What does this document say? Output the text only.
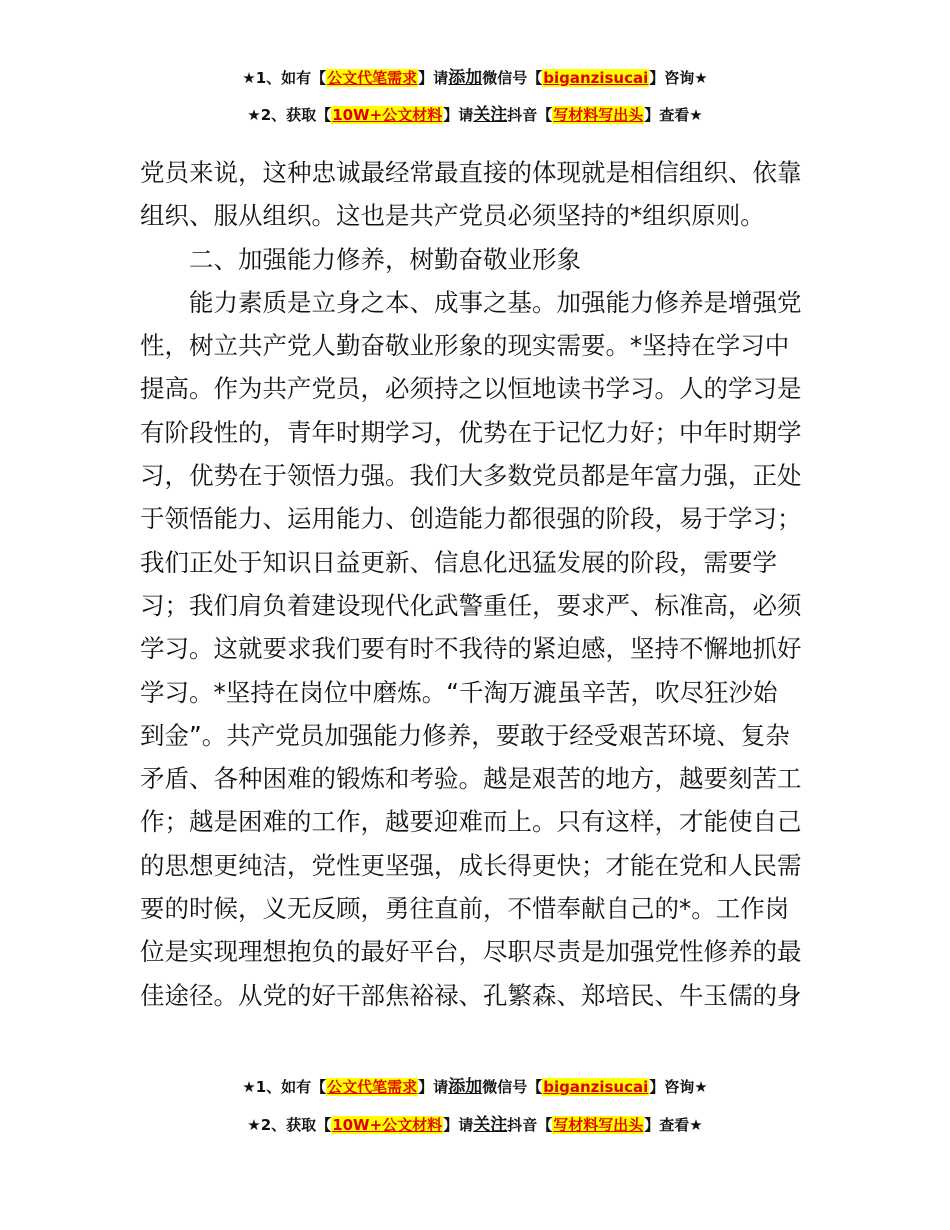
★1、如有【公文代笔需求】请添加微信号【biganzisucai】咨询★
★2、获取【10W+公文材料】请关注抖音【写材料写出头】查看★

党员来说，这种忠诚最经常最直接的体现就是相信组织、依靠
组织、服从组织。这也是共产党员必须坚持的*组织原则。

二、加强能力修养，树勤奋敬业形象

能力素质是立身之本、成事之基。加强能力修养是增强党
性，树立共产党人勤奋敬业形象的现实需要。*坚持在学习中
提高。作为共产党员，必须持之以恒地读书学习。人的学习是
有阶段性的，青年时期学习，优势在于记忆力好；中年时期学
习，优势在于领悟力强。我们大多数党员都是年富力强，正处
于领悟能力、运用能力、创造能力都很强的阶段，易于学习；
我们正处于知识日益更新、信息化迅猛发展的阶段，需要学
习；我们肩负着建设现代化武警重任，要求严、标准高，必须
学习。这就要求我们要有时不我待的紧迫感，坚持不懈地抓好
学习。*坚持在岗位中磨炼。“千淘万漉虽辛苦，吹尽狂沙始
到金”。共产党员加强能力修养，要敢于经受艰苦环境、复杂
矛盾、各种困难的锻炼和考验。越是艰苦的地方，越要刻苦工
作；越是困难的工作，越要迎难而上。只有这样，才能使自己
的思想更纯洁，党性更坚强，成长得更快；才能在党和人民需
要的时候，义无反顾，勇往直前，不惜奉献自己的*。工作岗
位是实现理想抱负的最好平台，尽职尽责是加强党性修养的最
佳途径。从党的好干部焦裕禄、孔繁森、郑培民、牛玉儒的身

★1、如有【公文代笔需求】请添加微信号【biganzisucai】咨询★
★2、获取【10W+公文材料】请关注抖音【写材料写出头】查看★
